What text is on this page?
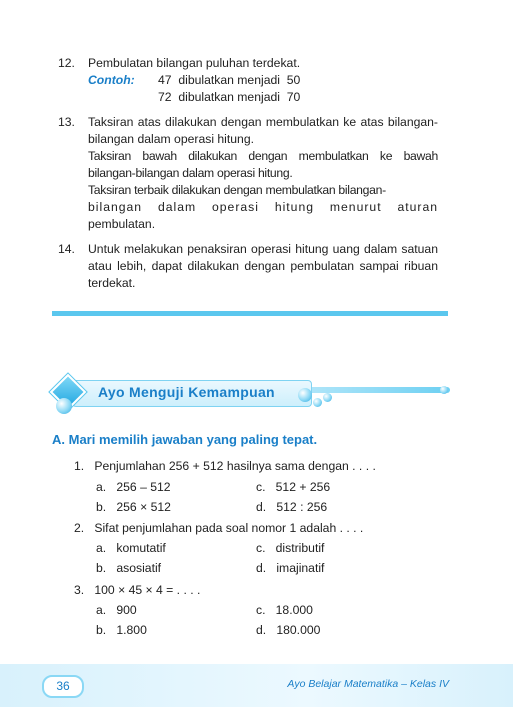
12. Pembulatan bilangan puluhan terdekat.
Contoh:	47  dibulatkan menjadi  50
72  dibulatkan menjadi  70
13. Taksiran atas dilakukan dengan membulatkan ke atas bilangan-bilangan dalam operasi hitung.
Taksiran bawah dilakukan dengan membulatkan ke bawah bilangan-bilangan dalam operasi hitung.
Taksiran terbaik dilakukan dengan membulatkan bilangan-
bilangan dalam operasi hitung menurut aturan
pembulatan.
14. Untuk melakukan penaksiran operasi hitung uang dalam satuan atau lebih, dapat dilakukan dengan pembulatan sampai ribuan terdekat.
Ayo Menguji Kemampuan
A. Mari memilih jawaban yang paling tepat.
1. Penjumlahan 256 + 512 hasilnya sama dengan . . . .
a. 256 – 512	c. 512 + 256
b. 256 × 512	d. 512 : 256
2. Sifat penjumlahan pada soal nomor 1 adalah . . . .
a. komutatif	c. distributif
b. asosiatif	d. imajinatif
3. 100 × 45 × 4 = . . . .
a. 900	c. 18.000
b. 1.800	d. 180.000
36	Ayo Belajar Matematika – Kelas IV
